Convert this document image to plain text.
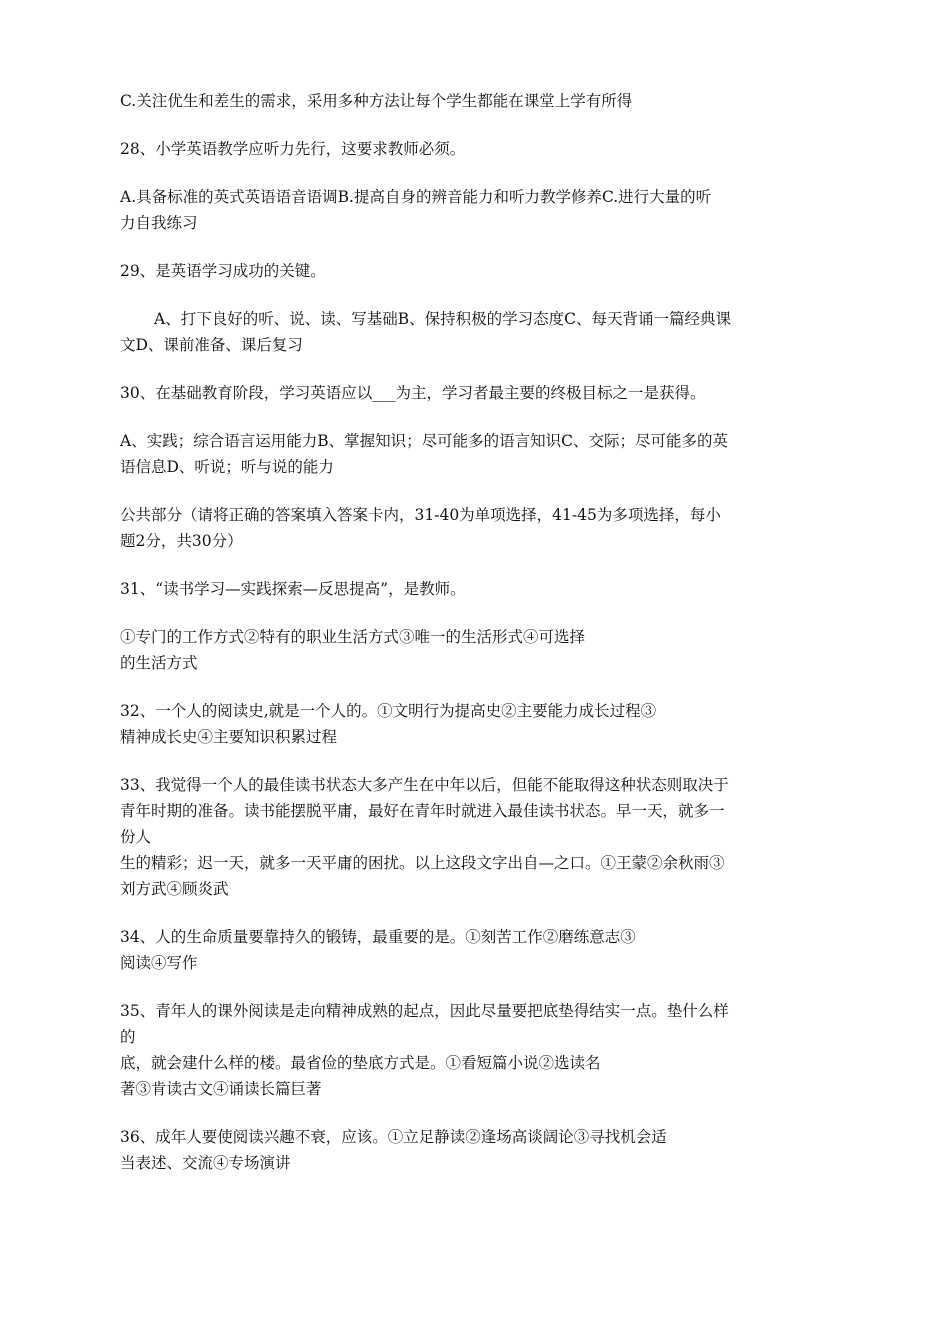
C.关注优生和差生的需求，采用多种方法让每个学生都能在课堂上学有所得
28、小学英语教学应听力先行，这要求教师必须。
A.具备标准的英式英语语音语调B.提高自身的辨音能力和听力教学修养C.进行大量的听
力自我练习
29、是英语学习成功的关键。
A、打下良好的听、说、读、写基础B、保持积极的学习态度C、每天背诵一篇经典课
文D、课前准备、课后复习
30、在基础教育阶段，学习英语应以___为主，学习者最主要的终极目标之一是获得。
A、实践；综合语言运用能力B、掌握知识；尽可能多的语言知识C、交际；尽可能多的英
语信息D、听说；听与说的能力
公共部分（请将正确的答案填入答案卡内，31-40为单项选择，41-45为多项选择，每小
题2分，共30分）
31、“读书学习—实践探索—反思提高”，是教师。
①专门的工作方式②特有的职业生活方式③唯一的生活形式④可选择
的生活方式
32、一个人的阅读史,就是一个人的。①文明行为提高史②主要能力成长过程③
精神成长史④主要知识积累过程
33、我觉得一个人的最佳读书状态大多产生在中年以后，但能不能取得这种状态则取决于
青年时期的准备。读书能摆脱平庸，最好在青年时就进入最佳读书状态。早一天，就多一
份人
生的精彩；迟一天，就多一天平庸的困扰。以上这段文字出自—之口。①王蒙②余秋雨③
刘方武④顾炎武
34、人的生命质量要靠持久的锻铸，最重要的是。①刻苦工作②磨练意志③
阅读④写作
35、青年人的课外阅读是走向精神成熟的起点，因此尽量要把底垫得结实一点。垫什么样
的
底，就会建什么样的楼。最省俭的垫底方式是。①看短篇小说②选读名
著③肯读古文④诵读长篇巨著
36、成年人要使阅读兴趣不衰，应该。①立足静读②逢场高谈阔论③寻找机会适
当表述、交流④专场演讲
